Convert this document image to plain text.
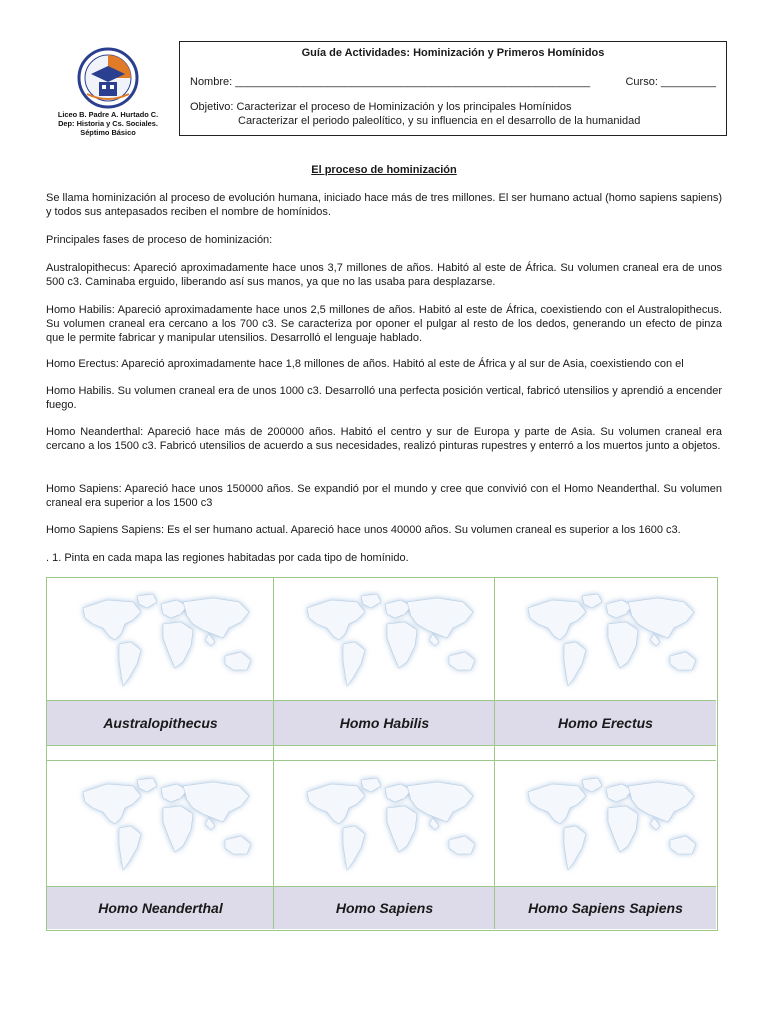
Liceo B. Padre A. Hurtado C.
Dep: Historia y Cs. Sociales.
Séptimo Básico
Guía de Actividades: Hominización y Primeros Homínidos
Nombre: __________________________________________________________	Curso: _________
Objetivo: Caracterizar el proceso de Hominización y los principales Homínidos
Caracterizar el periodo paleolítico, y su influencia en el desarrollo de la humanidad
El proceso de hominización

Se llama hominización al proceso de evolución humana, iniciado hace más de tres millones. El ser humano actual (homo sapiens sapiens) y todos sus antepasados reciben el nombre de homínidos.

Principales fases de proceso de hominización:

Australopithecus: Apareció aproximadamente hace unos 3,7 millones de años. Habitó al este de África. Su volumen craneal era de unos 500 c3. Caminaba erguido, liberando así sus manos, ya que no las usaba para desplazarse.

Homo Habilis: Apareció aproximadamente hace unos 2,5 millones de años. Habitó al este de África, coexistiendo con el Australopithecus. Su volumen craneal era cercano a los 700 c3. Se caracteriza por oponer el pulgar al resto de los dedos, generando un efecto de pinza que le permite fabricar y manipular utensilios. Desarrolló el lenguaje hablado.

Homo Erectus: Apareció aproximadamente hace 1,8 millones de años. Habitó al este de África y al sur de Asia, coexistiendo con el

Homo Habilis. Su volumen craneal era de unos 1000 c3. Desarrolló una perfecta posición vertical, fabricó utensilios y aprendió a encender fuego.

Homo Neanderthal: Apareció hace más de 200000 años. Habitó el centro y sur de Europa y parte de Asia. Su volumen craneal era cercano a los 1500 c3. Fabricó utensilios de acuerdo a sus necesidades, realizó pinturas rupestres y enterró a los muertos junto a objetos.

Homo Sapiens: Apareció hace unos 150000 años. Se expandió por el mundo y cree que convivió con el Homo Neanderthal. Su volumen craneal era superior a los 1500 c3

Homo Sapiens Sapiens: Es el ser humano actual. Apareció hace unos 40000 años. Su volumen craneal es superior a los 1600 c3.

. 1. Pinta en cada mapa las regiones habitadas por cada tipo de homínido.

Australopithecus	Homo Habilis	Homo Erectus
Homo Neanderthal	Homo Sapiens	Homo Sapiens Sapiens
